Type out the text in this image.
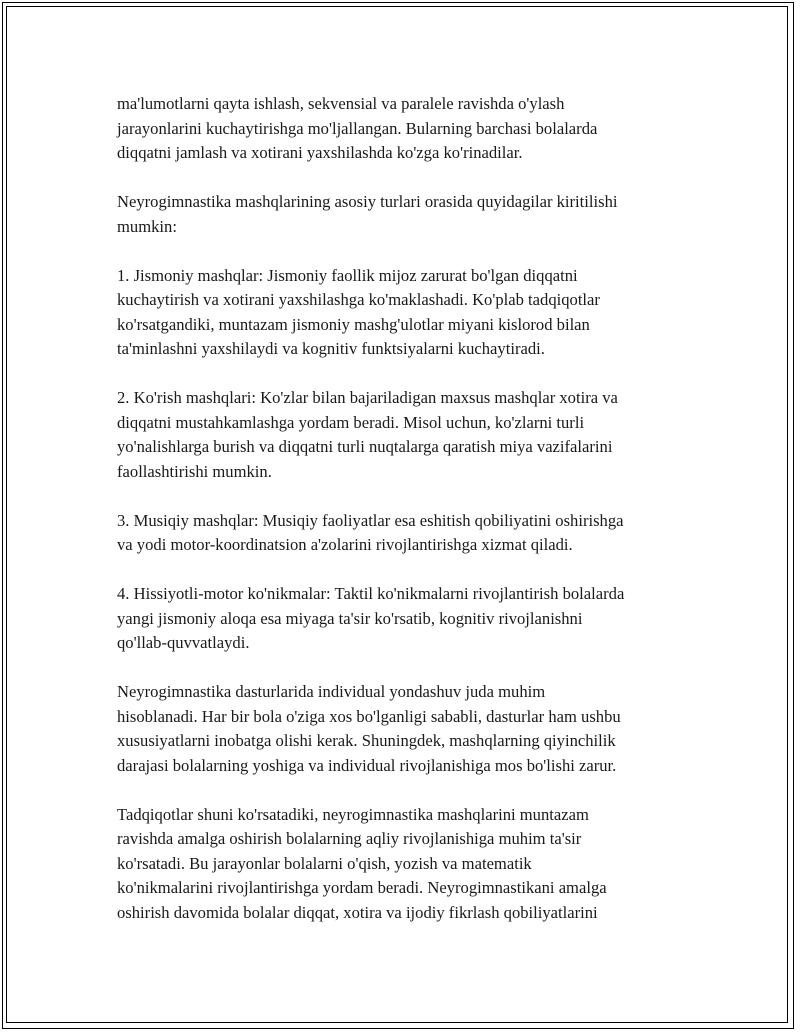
ma'lumotlarni qayta ishlash, sekvensial va paralele ravishda o'ylash
jarayonlarini kuchaytirishga mo'ljallangan. Bularning barchasi bolalarda
diqqatni jamlash va xotirani yaxshilashda ko'zga ko'rinadilar.

Neyrogimnastika mashqlarining asosiy turlari orasida quyidagilar kiritilishi
mumkin:

1. Jismoniy mashqlar: Jismoniy faollik mijoz zarurat bo'lgan diqqatni
kuchaytirish va xotirani yaxshilashga ko'maklashadi. Ko'plab tadqiqotlar
ko'rsatgandiki, muntazam jismoniy mashg'ulotlar miyani kislorod bilan
ta'minlashni yaxshilaydi va kognitiv funktsiyalarni kuchaytiradi.

2. Ko'rish mashqlari: Ko'zlar bilan bajariladigan maxsus mashqlar xotira va
diqqatni mustahkamlashga yordam beradi. Misol uchun, ko'zlarni turli
yo'nalishlarga burish va diqqatni turli nuqtalarga qaratish miya vazifalarini
faollashtirishi mumkin.

3. Musiqiy mashqlar: Musiqiy faoliyatlar esa eshitish qobiliyatini oshirishga
va yodi motor-koordinatsion a'zolarini rivojlantirishga xizmat qiladi.

4. Hissiyotli-motor ko'nikmalar: Taktil ko'nikmalarni rivojlantirish bolalarda
yangi jismoniy aloqa esa miyaga ta'sir ko'rsatib, kognitiv rivojlanishni
qo'llab-quvvatlaydi.

Neyrogimnastika dasturlarida individual yondashuv juda muhim
hisoblanadi. Har bir bola o'ziga xos bo'lganligi sababli, dasturlar ham ushbu
xususiyatlarni inobatga olishi kerak. Shuningdek, mashqlarning qiyinchilik
darajasi bolalarning yoshiga va individual rivojlanishiga mos bo'lishi zarur.

Tadqiqotlar shuni ko'rsatadiki, neyrogimnastika mashqlarini muntazam
ravishda amalga oshirish bolalarning aqliy rivojlanishiga muhim ta'sir
ko'rsatadi. Bu jarayonlar bolalarni o'qish, yozish va matematik
ko'nikmalarini rivojlantirishga yordam beradi. Neyrogimnastikani amalga
oshirish davomida bolalar diqqat, xotira va ijodiy fikrlash qobiliyatlarini
